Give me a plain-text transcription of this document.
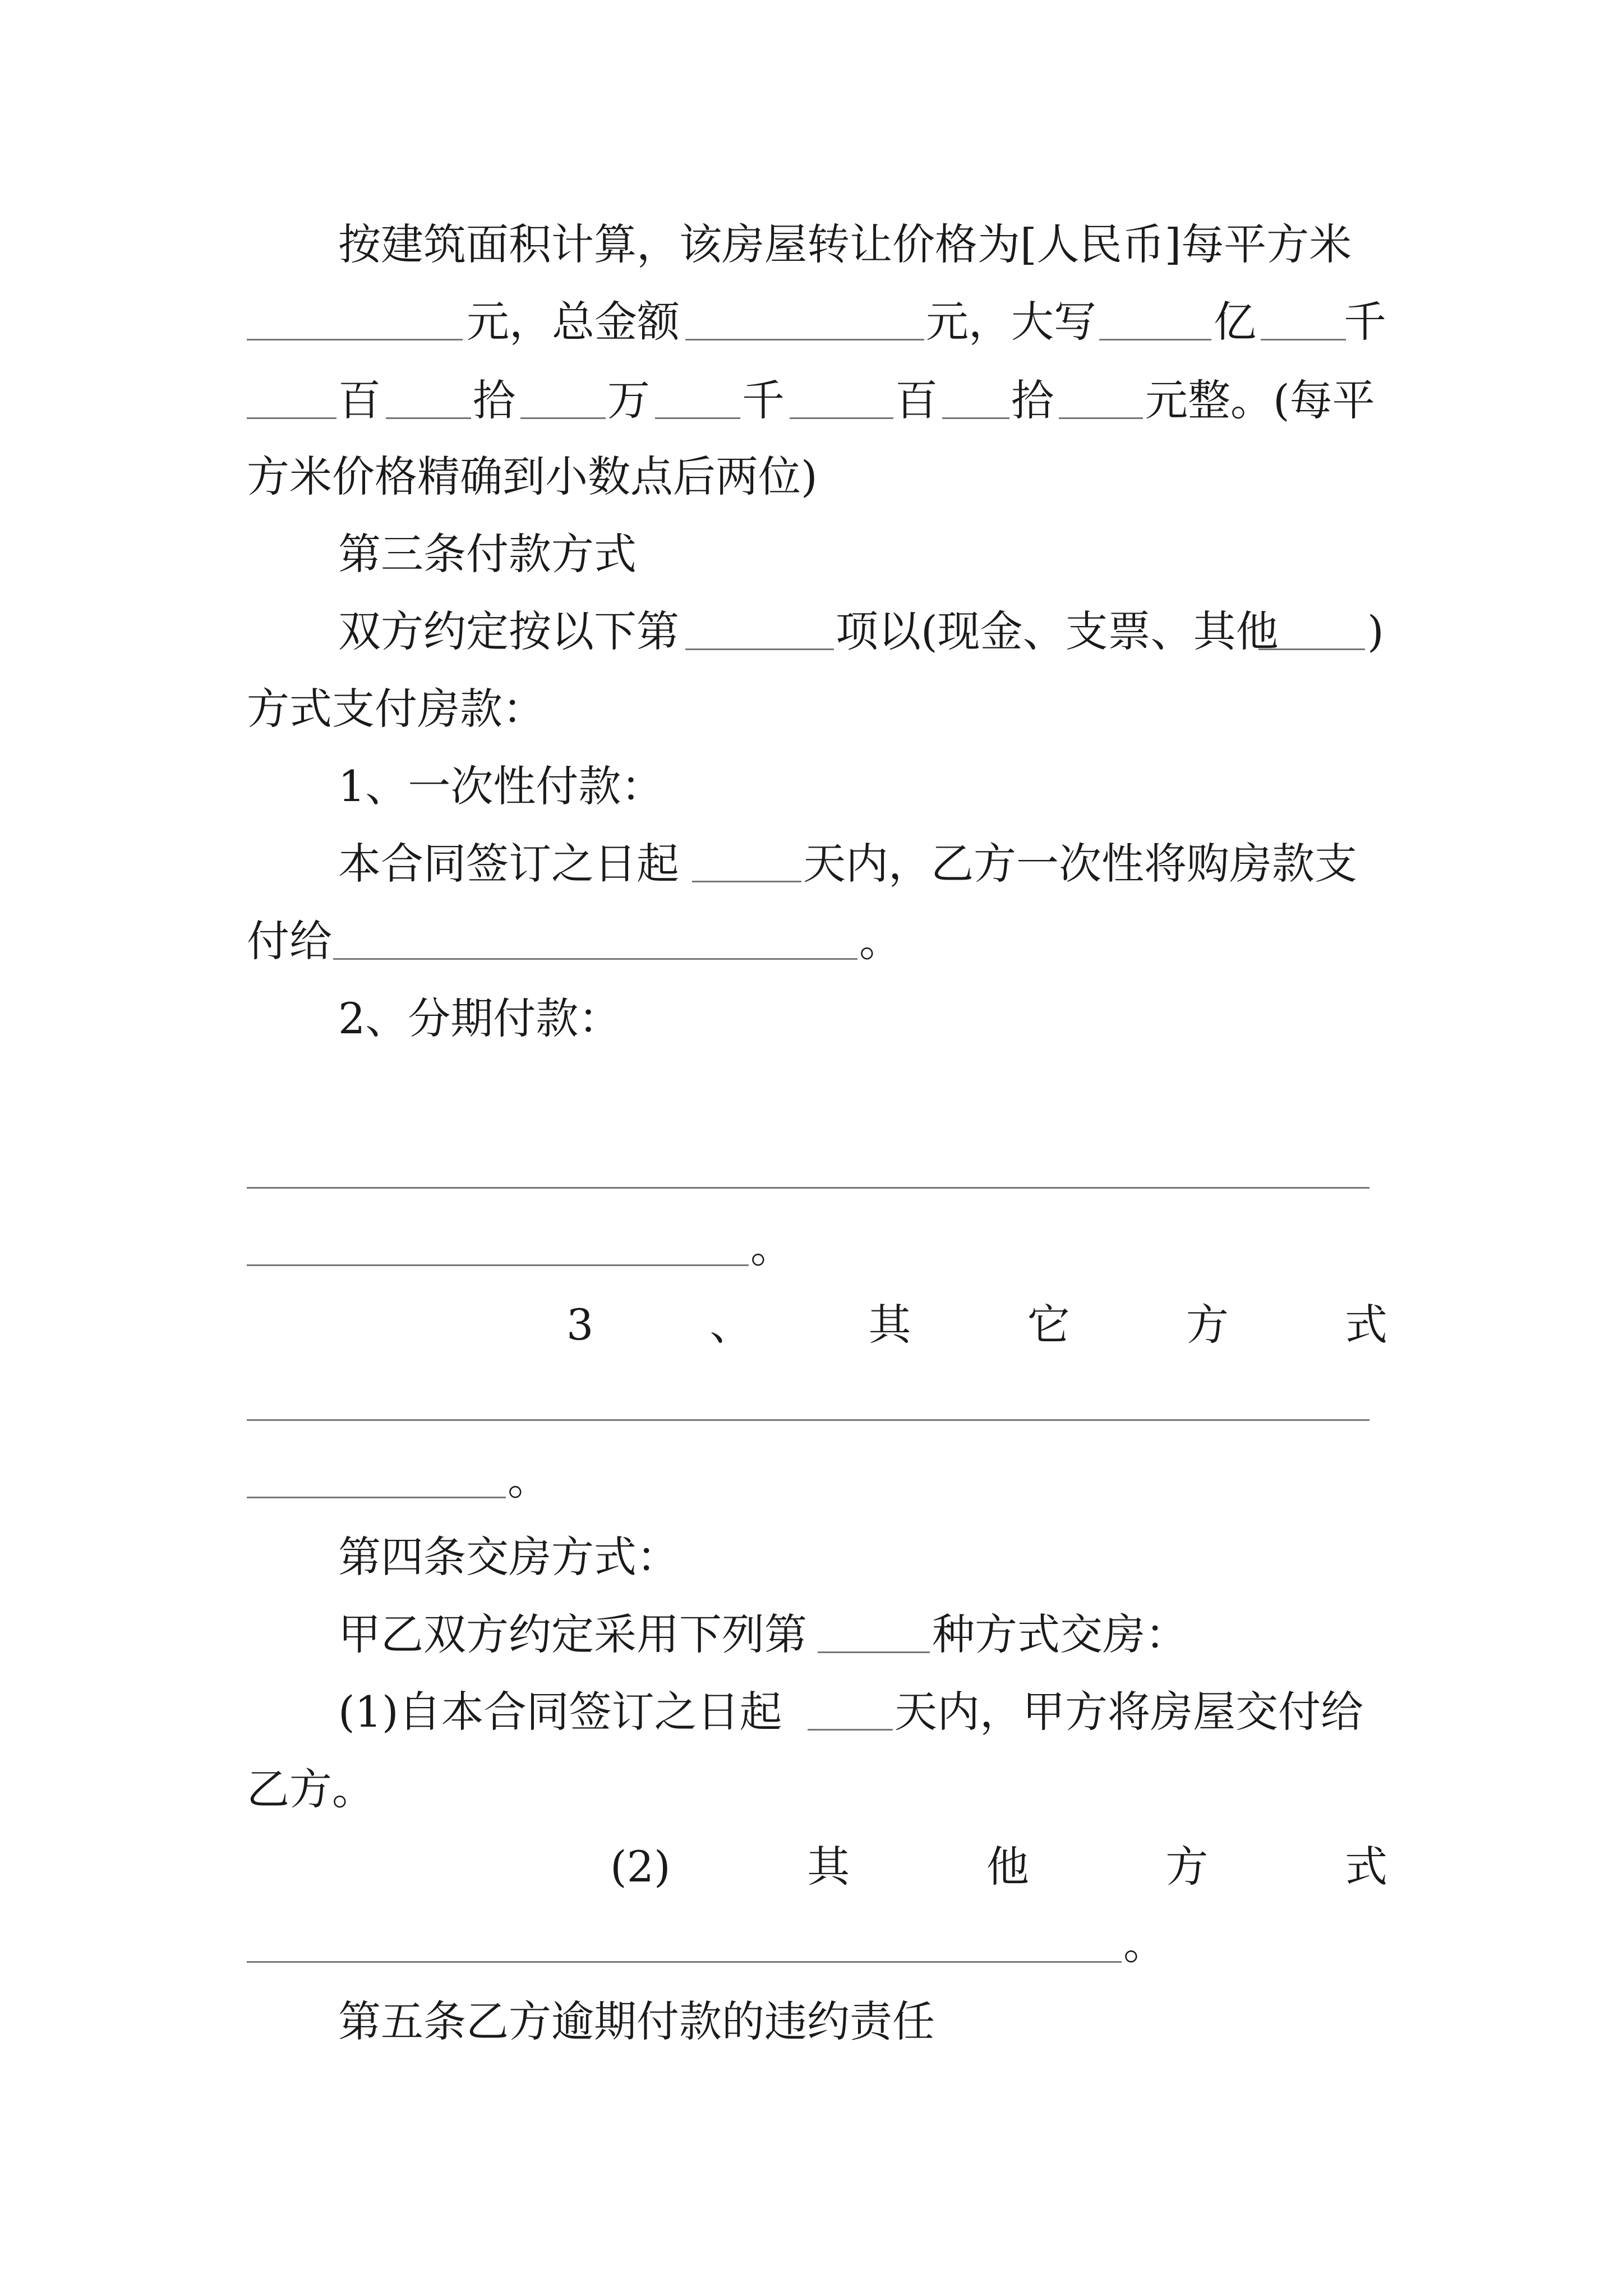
按建筑面积计算，该房屋转让价格为[人民币]每平方米
元，总金额	元，大写	亿 千
百 拾 万 千	百 拾 元整。(每平
方米价格精确到小数点后两位)
第三条付款方式
双方约定按以下第	项以(现金、支票、其他 )
方式支付房款：
1、一次性付款：
本合同签订之日起	天内，乙方一次性将购房款支
付给	。
2、分期付款：
。
3	、	其	它	方	式
。
第四条交房方式：
甲乙双方约定采用下列第	种方式交房：
(1)自本合同签订之日起	天内，甲方将房屋交付给
乙方。
(2)	其	他	方	式
。
第五条乙方逾期付款的违约责任
